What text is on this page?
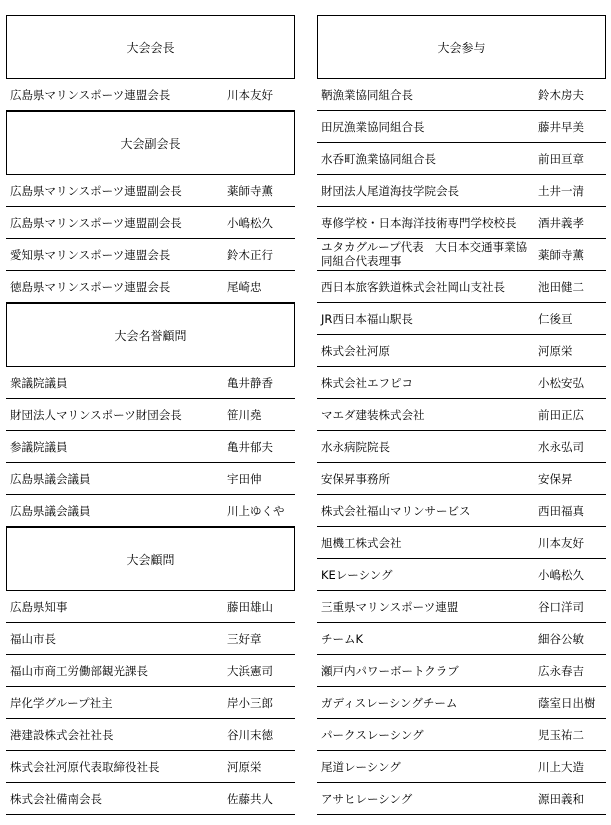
大会会長
広島県マリンスポーツ連盟会長	川本友好
大会副会長
広島県マリンスポーツ連盟副会長	薬師寺薫
広島県マリンスポーツ連盟副会長	小嶋松久
愛知県マリンスポーツ連盟会長	鈴木正行
徳島県マリンスポーツ連盟会長	尾崎忠
大会名誉顧問
衆議院議員	亀井静香
財団法人マリンスポーツ財団会長	笹川堯
参議院議員	亀井郁夫
広島県議会議員	宇田伸
広島県議会議員	川上ゆくや
大会顧問
広島県知事	藤田雄山
福山市長	三好章
福山市商工労働部観光課長	大浜憲司
岸化学グループ社主	岸小三郎
港建設株式会社社長	谷川末徳
株式会社河原代表取締役社長	河原栄
株式会社備南会長	佐藤共人
大会参与
鞆漁業協同組合長	鈴木房夫
田尻漁業協同組合長	藤井早美
水呑町漁業協同組合長	前田亘章
財団法人尾道海技学院会長	土井一清
専修学校・日本海洋技術専門学校校長 酒井義孝
ユタカグループ代表　大日本交通事業協同組合代表理事	薬師寺薫
西日本旅客鉄道株式会社岡山支社長	池田健二
JR西日本福山駅長	仁後亘
株式会社河原	河原栄
株式会社エフピコ	小松安弘
マエダ建装株式会社	前田正広
水永病院院長	水永弘司
安保昇事務所	安保昇
株式会社福山マリンサービス	西田福真
旭機工株式会社	川本友好
KEレーシング	小嶋松久
三重県マリンスポーツ連盟	谷口洋司
チームK	細谷公敏
瀬戸内パワーボートクラブ	広永春吉
ガディスレーシングチーム	蔭室日出樹
パークスレーシング	児玉祐二
尾道レーシング	川上大造
アサヒレーシング	源田義和
